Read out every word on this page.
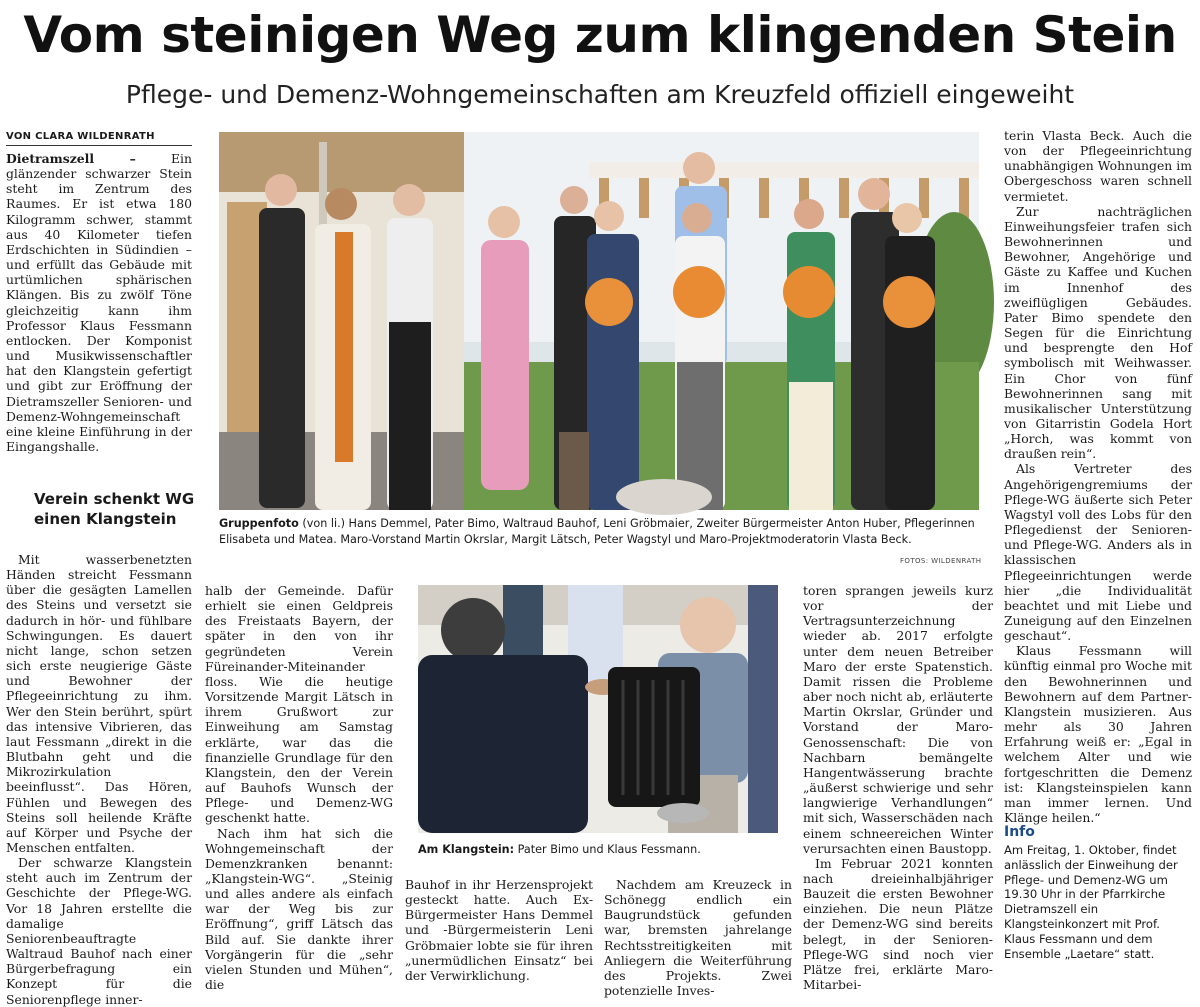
Vom steinigen Weg zum klingenden Stein
Pflege- und Demenz-Wohngemeinschaften am Kreuzfeld offiziell eingeweiht
VON CLARA WILDENRATH

Dietramszell –	Ein glänzender schwarzer Stein steht im Zentrum des Raumes. Er ist etwa 180 Kilogramm schwer, stammt aus 40 Kilometer tiefen Erdschichten in Südindien – und erfüllt das Gebäude mit urtümlichen sphärischen Klängen. Bis zu zwölf Töne gleichzeitig kann ihm Professor Klaus Fessmann entlocken. Der Komponist und Musikwissenschaftler hat den Klangstein gefertigt und gibt zur Eröffnung der Dietramszeller Senioren- und Demenz-Wohngemeinschaft eine kleine Einführung in der Eingangshalle.

Verein schenkt WG einen Klangstein

Mit wasserbenetzten Händen streicht Fessmann über die gesägten Lamellen des Steins und versetzt sie dadurch in hör- und fühlbare Schwingungen. Es dauert nicht lange, schon setzen sich erste neugierige Gäste und Bewohner der Pflegeeinrichtung zu ihm. Wer den Stein berührt, spürt das intensive Vibrieren, das laut Fessmann „direkt in die Blutbahn geht und die Mikrozirkulation beeinflusst“. Das Hören, Fühlen und Bewegen des Steins soll heilende Kräfte auf Körper und Psyche der Menschen entfalten.

Der schwarze Klangstein steht auch im Zentrum der Geschichte der Pflege-WG. Vor 18 Jahren erstellte die damalige Seniorenbeauftragte Waltraud Bauhof nach einer Bürgerbefragung ein Konzept für die Seniorenpflege inner-

halb der Gemeinde. Dafür erhielt sie einen Geldpreis des Freistaats Bayern, der später in den von ihr gegründeten Verein Füreinander-Miteinander floss. Wie die heutige Vorsitzende Margit Lätsch in ihrem Grußwort zur Einweihung am Samstag erklärte, war das die finanzielle Grundlage für den Klangstein, den der Verein auf Bauhofs Wunsch der Pflege- und Demenz-WG geschenkt hatte.

Nach ihm hat sich die Wohngemeinschaft der Demenzkranken benannt: „Klangstein-WG“. „Steinig und alles andere als einfach war der Weg bis zur Eröffnung“, griff Lätsch das Bild auf. Sie dankte ihrer Vorgängerin für die „sehr vielen Stunden und Mühen“, die

Bauhof in ihr Herzensprojekt gesteckt hatte. Auch Ex-Bürgermeister Hans Demmel und -Bürgermeisterin Leni Gröbmaier lobte sie für ihren „unermüdlichen Einsatz“ bei der Verwirklichung.

Nachdem am Kreuzeck in Schönegg endlich ein Baugrundstück gefunden war, bremsten jahrelange Rechtsstreitigkeiten mit Anliegern die Weiterführung des Projekts. Zwei potenzielle Inves-

toren sprangen jeweils kurz vor der Vertragsunterzeichnung wieder ab. 2017 erfolgte unter dem neuen Betreiber Maro der erste Spatenstich. Damit rissen die Probleme aber noch nicht ab, erläuterte Martin Okrslar, Gründer und Vorstand der Maro-Genossenschaft: Die von Nachbarn bemängelte Hangentwässerung brachte „äußerst schwierige und sehr langwierige Verhandlungen“ mit sich, Wasserschäden nach einem schneereichen Winter verursachten einen Baustopp.

Im Februar 2021 konnten nach dreieinhalbjähriger Bauzeit die ersten Bewohner einziehen. Die neun Plätze der Demenz-WG sind bereits belegt, in der Senioren-Pflege-WG sind noch vier Plätze frei, erklärte Maro-Mitarbei-

terin Vlasta Beck. Auch die von der Pflegeeinrichtung unabhängigen Wohnungen im Obergeschoss waren schnell vermietet.

Zur nachträglichen Einweihungsfeier trafen sich Bewohnerinnen und Bewohner, Angehörige und Gäste zu Kaffee und Kuchen im Innenhof des zweiflügligen Gebäudes. Pater Bimo spendete den Segen für die Einrichtung und besprengte den Hof symbolisch mit Weihwasser. Ein Chor von fünf Bewohnerinnen sang mit musikalischer Unterstützung von Gitarristin Godela Hort „Horch, was kommt von draußen rein“.

Als Vertreter des Angehörigengremiums der Pflege-WG äußerte sich Peter Wagstyl voll des Lobs für den Pflegedienst der Senioren- und Pflege-WG. Anders als in klassischen Pflegeeinrichtungen werde hier „die Individualität beachtet und mit Liebe und Zuneigung auf den Einzelnen geschaut“.

Klaus Fessmann will künftig einmal pro Woche mit den Bewohnerinnen und Bewohnern auf dem Partner-Klangstein musizieren. Aus mehr als 30 Jahren Erfahrung weiß er: „Egal in welchem Alter und wie fortgeschritten die Demenz ist: Klangsteinspielen kann man immer lernen. Und Klänge heilen.“

Gruppenfoto (von li.) Hans Demmel, Pater Bimo, Waltraud Bauhof, Leni Gröbmaier, Zweiter Bürgermeister Anton Huber, Pflegerinnen Elisabeta und Matea. Maro-Vorstand Martin Okrslar, Margit Lätsch, Peter Wagstyl und Maro-Projektmoderatorin Vlasta Beck.
FOTOS: WILDENRATH
Am Klangstein: Pater Bimo und Klaus Fessmann.
Info
Am Freitag, 1. Oktober, findet anlässlich der Einweihung der Pflege- und Demenz-WG um 19.30 Uhr in der Pfarrkirche Dietramszell ein Klangsteinkonzert mit Prof. Klaus Fessmann und dem Ensemble „Laetare“ statt.
